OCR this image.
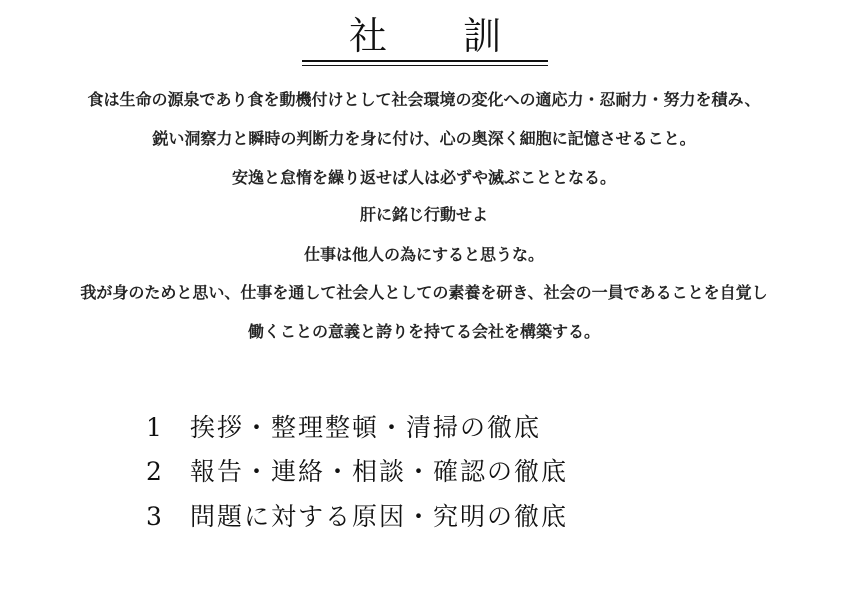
社　　訓
食は生命の源泉であり食を動機付けとして社会環境の変化への適応力・忍耐力・努力を積み、
鋭い洞察力と瞬時の判断力を身に付け、心の奥深く細胞に記憶させること。
安逸と怠惰を繰り返せば人は必ずや滅ぶこととなる。
肝に銘じ行動せよ
仕事は他人の為にすると思うな。
我が身のためと思い、仕事を通して社会人としての素養を研き、社会の一員であることを自覚し
働くことの意義と誇りを持てる会社を構築する。
1 挨拶・整理整頓・清掃の徹底
2 報告・連絡・相談・確認の徹底
3 問題に対する原因・究明の徹底
